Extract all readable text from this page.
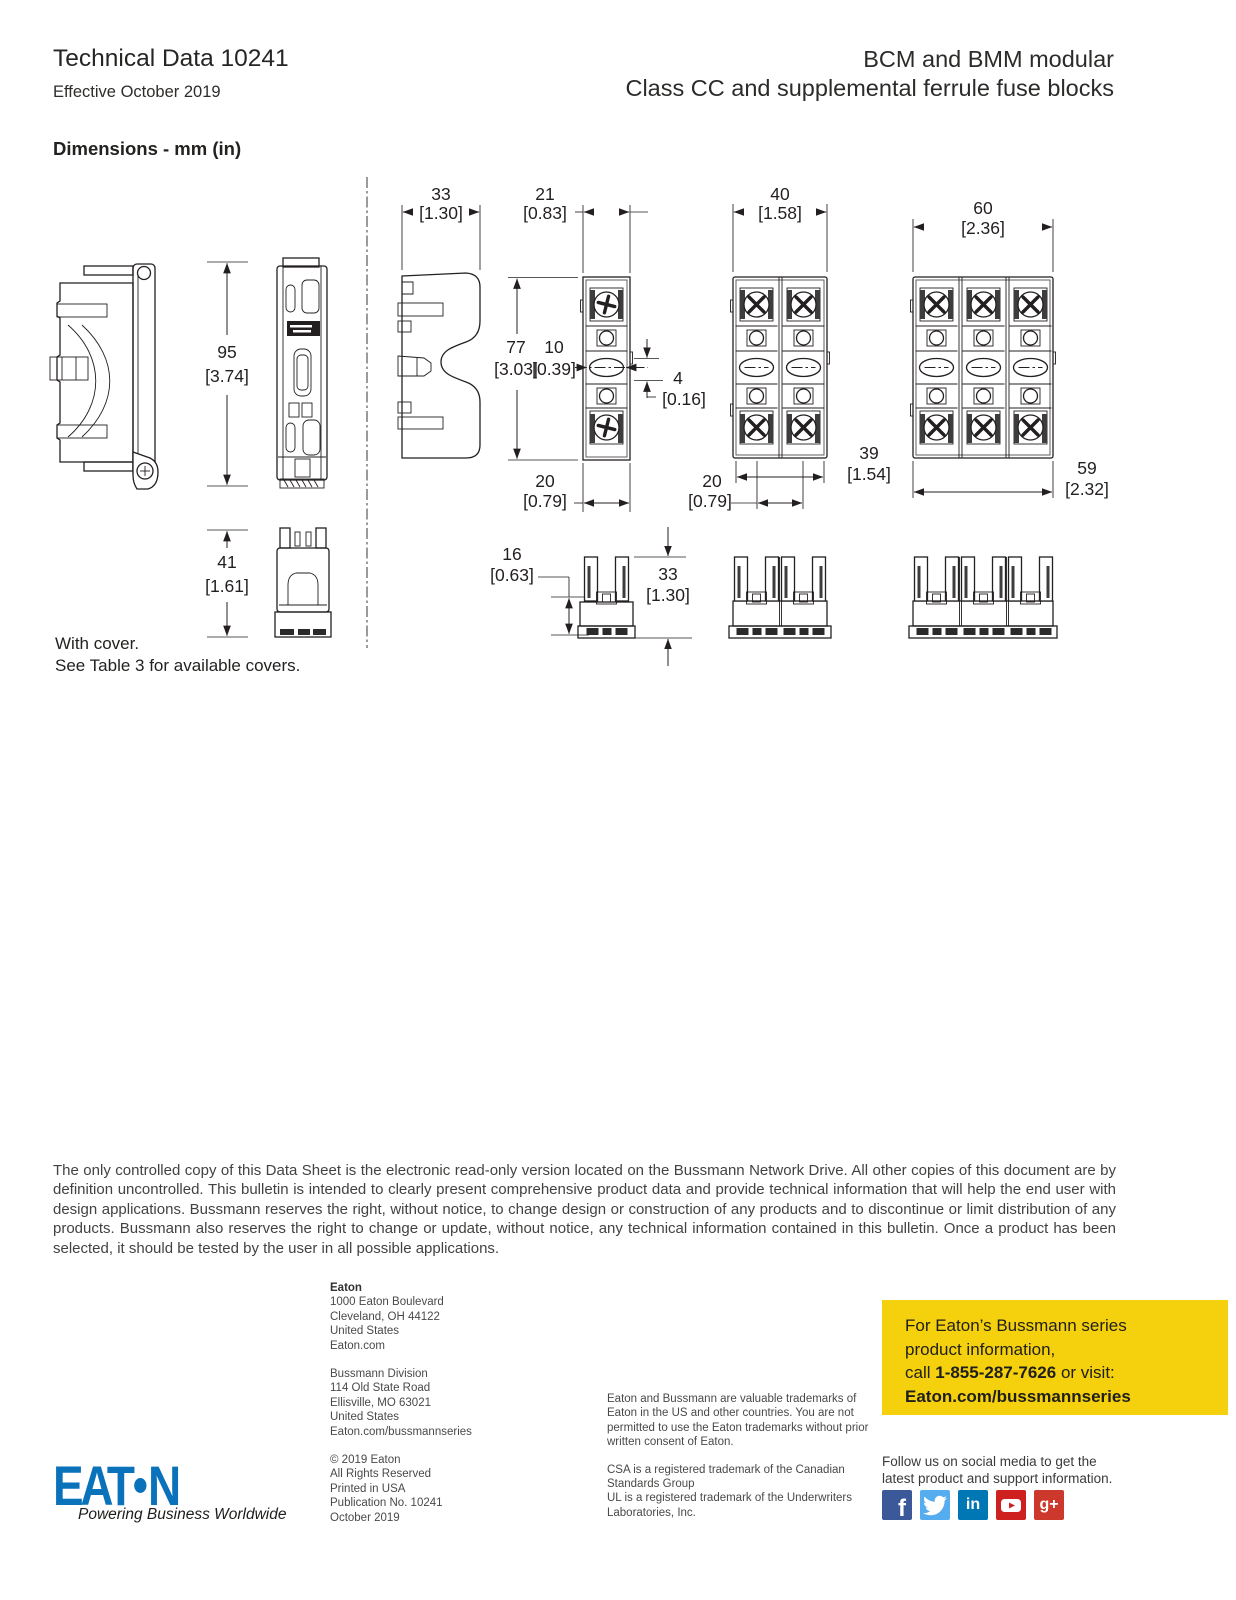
Technical Data 10241
Effective October 2019
BCM and BMM modular
Class CC and supplemental ferrule fuse blocks
Dimensions - mm (in)
95
[3.74]
41
[1.61]
33
[1.30]
21
[0.83]
77
[3.03]
10
[0.39]	4
[0.16]
20
[0.79]
16
[0.63]	33
[1.30]
40
[1.58]
39
[1.54]
20
[0.79]
60
[2.36]
59
[2.32]
With cover.
See Table 3 for available covers.
The only controlled copy of this Data Sheet is the electronic read-only version located on the Bussmann Network Drive. All other copies of this document are by definition uncontrolled. This bulletin is intended to clearly present comprehensive product data and provide technical information that will help the end user with design applications. Bussmann reserves the right, without notice, to change design or construction of any products and to discontinue or limit distribution of any products. Bussmann also reserves the right to change or update, without notice, any technical information contained in this bulletin. Once a product has been selected, it should be tested by the user in all possible applications.
Eaton
1000 Eaton Boulevard
Cleveland, OH 44122
United States
Eaton.com
Bussmann Division
114 Old State Road
Ellisville, MO 63021
United States
Eaton.com/bussmannseries
© 2019 Eaton
All Rights Reserved
Printed in USA
Publication No. 10241
October 2019
Eaton and Bussmann are valuable trademarks of Eaton in the US and other countries. You are not permitted to use the Eaton trademarks without prior written consent of Eaton.
CSA is a registered trademark of the Canadian Standards Group
UL is a registered trademark of the Underwriters Laboratories, Inc.
For Eaton’s Bussmann series
product information,
call 1-855-287-7626 or visit:
Eaton.com/bussmannseries
Follow us on social media to get the
latest product and support information.
f	in	g+
EAT N
Powering Business Worldwide
